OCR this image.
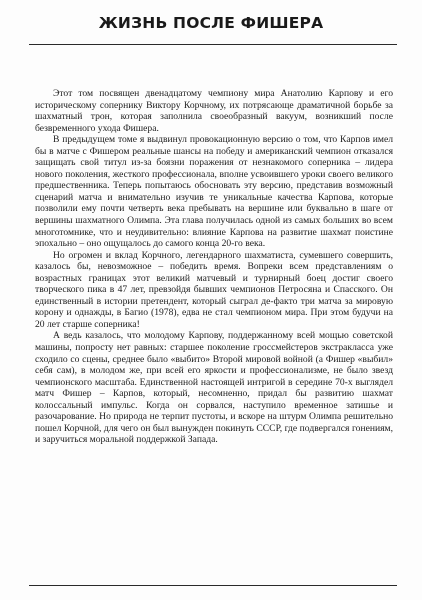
ЖИЗНЬ ПОСЛЕ ФИШЕРА

Этот том посвящен двенадцатому чемпиону мира Анатолию Карпову и его историческому сопернику Виктору Корчному, их потрясающе драматичной борьбе за шахматный трон, которая заполнила своеобразный вакуум, возникший после безвременного ухода Фишера.

В предыдущем томе я выдвинул провокационную версию о том, что Карпов имел бы в матче с Фишером реальные шансы на победу и американский чемпион отказался защищать свой титул из-за боязни поражения от незнакомого соперника – лидера нового поколения, жесткого профессионала, вполне усвоившего уроки своего великого предшественника. Теперь попытаюсь обосновать эту версию, представив возможный сценарий матча и внимательно изучив те уникальные качества Карпова, которые позволили ему почти четверть века пребывать на вершине или буквально в шаге от вершины шахматного Олимпа. Эта глава получилась одной из самых больших во всем многотомнике, что и неудивительно: влияние Карпова на развитие шахмат поистине эпохально – оно ощущалось до самого конца 20-го века.

Но огромен и вклад Корчного, легендарного шахматиста, сумевшего совершить, казалось бы, невозможное – победить время. Вопреки всем представлениям о возрастных границах этот великий матчевый и турнирный боец достиг своего творческого пика в 47 лет, превзойдя бывших чемпионов Петросяна и Спасского. Он единственный в истории претендент, который сыграл де-факто три матча за мировую корону и однажды, в Багио (1978), едва не стал чемпионом мира. При этом будучи на 20 лет старше соперника!

А ведь казалось, что молодому Карпову, поддержанному всей мощью советской машины, попросту нет равных: старшее поколение гроссмейстеров экстракласса уже сходило со сцены, среднее было «выбито» Второй мировой войной (а Фишер «выбил» себя сам), в молодом же, при всей его яркости и профессионализме, не было звезд чемпионского масштаба. Единственной настоящей интригой в середине 70-х выглядел матч Фишер – Карпов, который, несомненно, придал бы развитию шахмат колоссальный импульс. Когда он сорвался, наступило временное затишье и разочарование. Но природа не терпит пустоты, и вскоре на штурм Олимпа решительно пошел Корчной, для чего он был вынужден покинуть СССР, где подвергался гонениям, и заручиться моральной поддержкой Запада.
